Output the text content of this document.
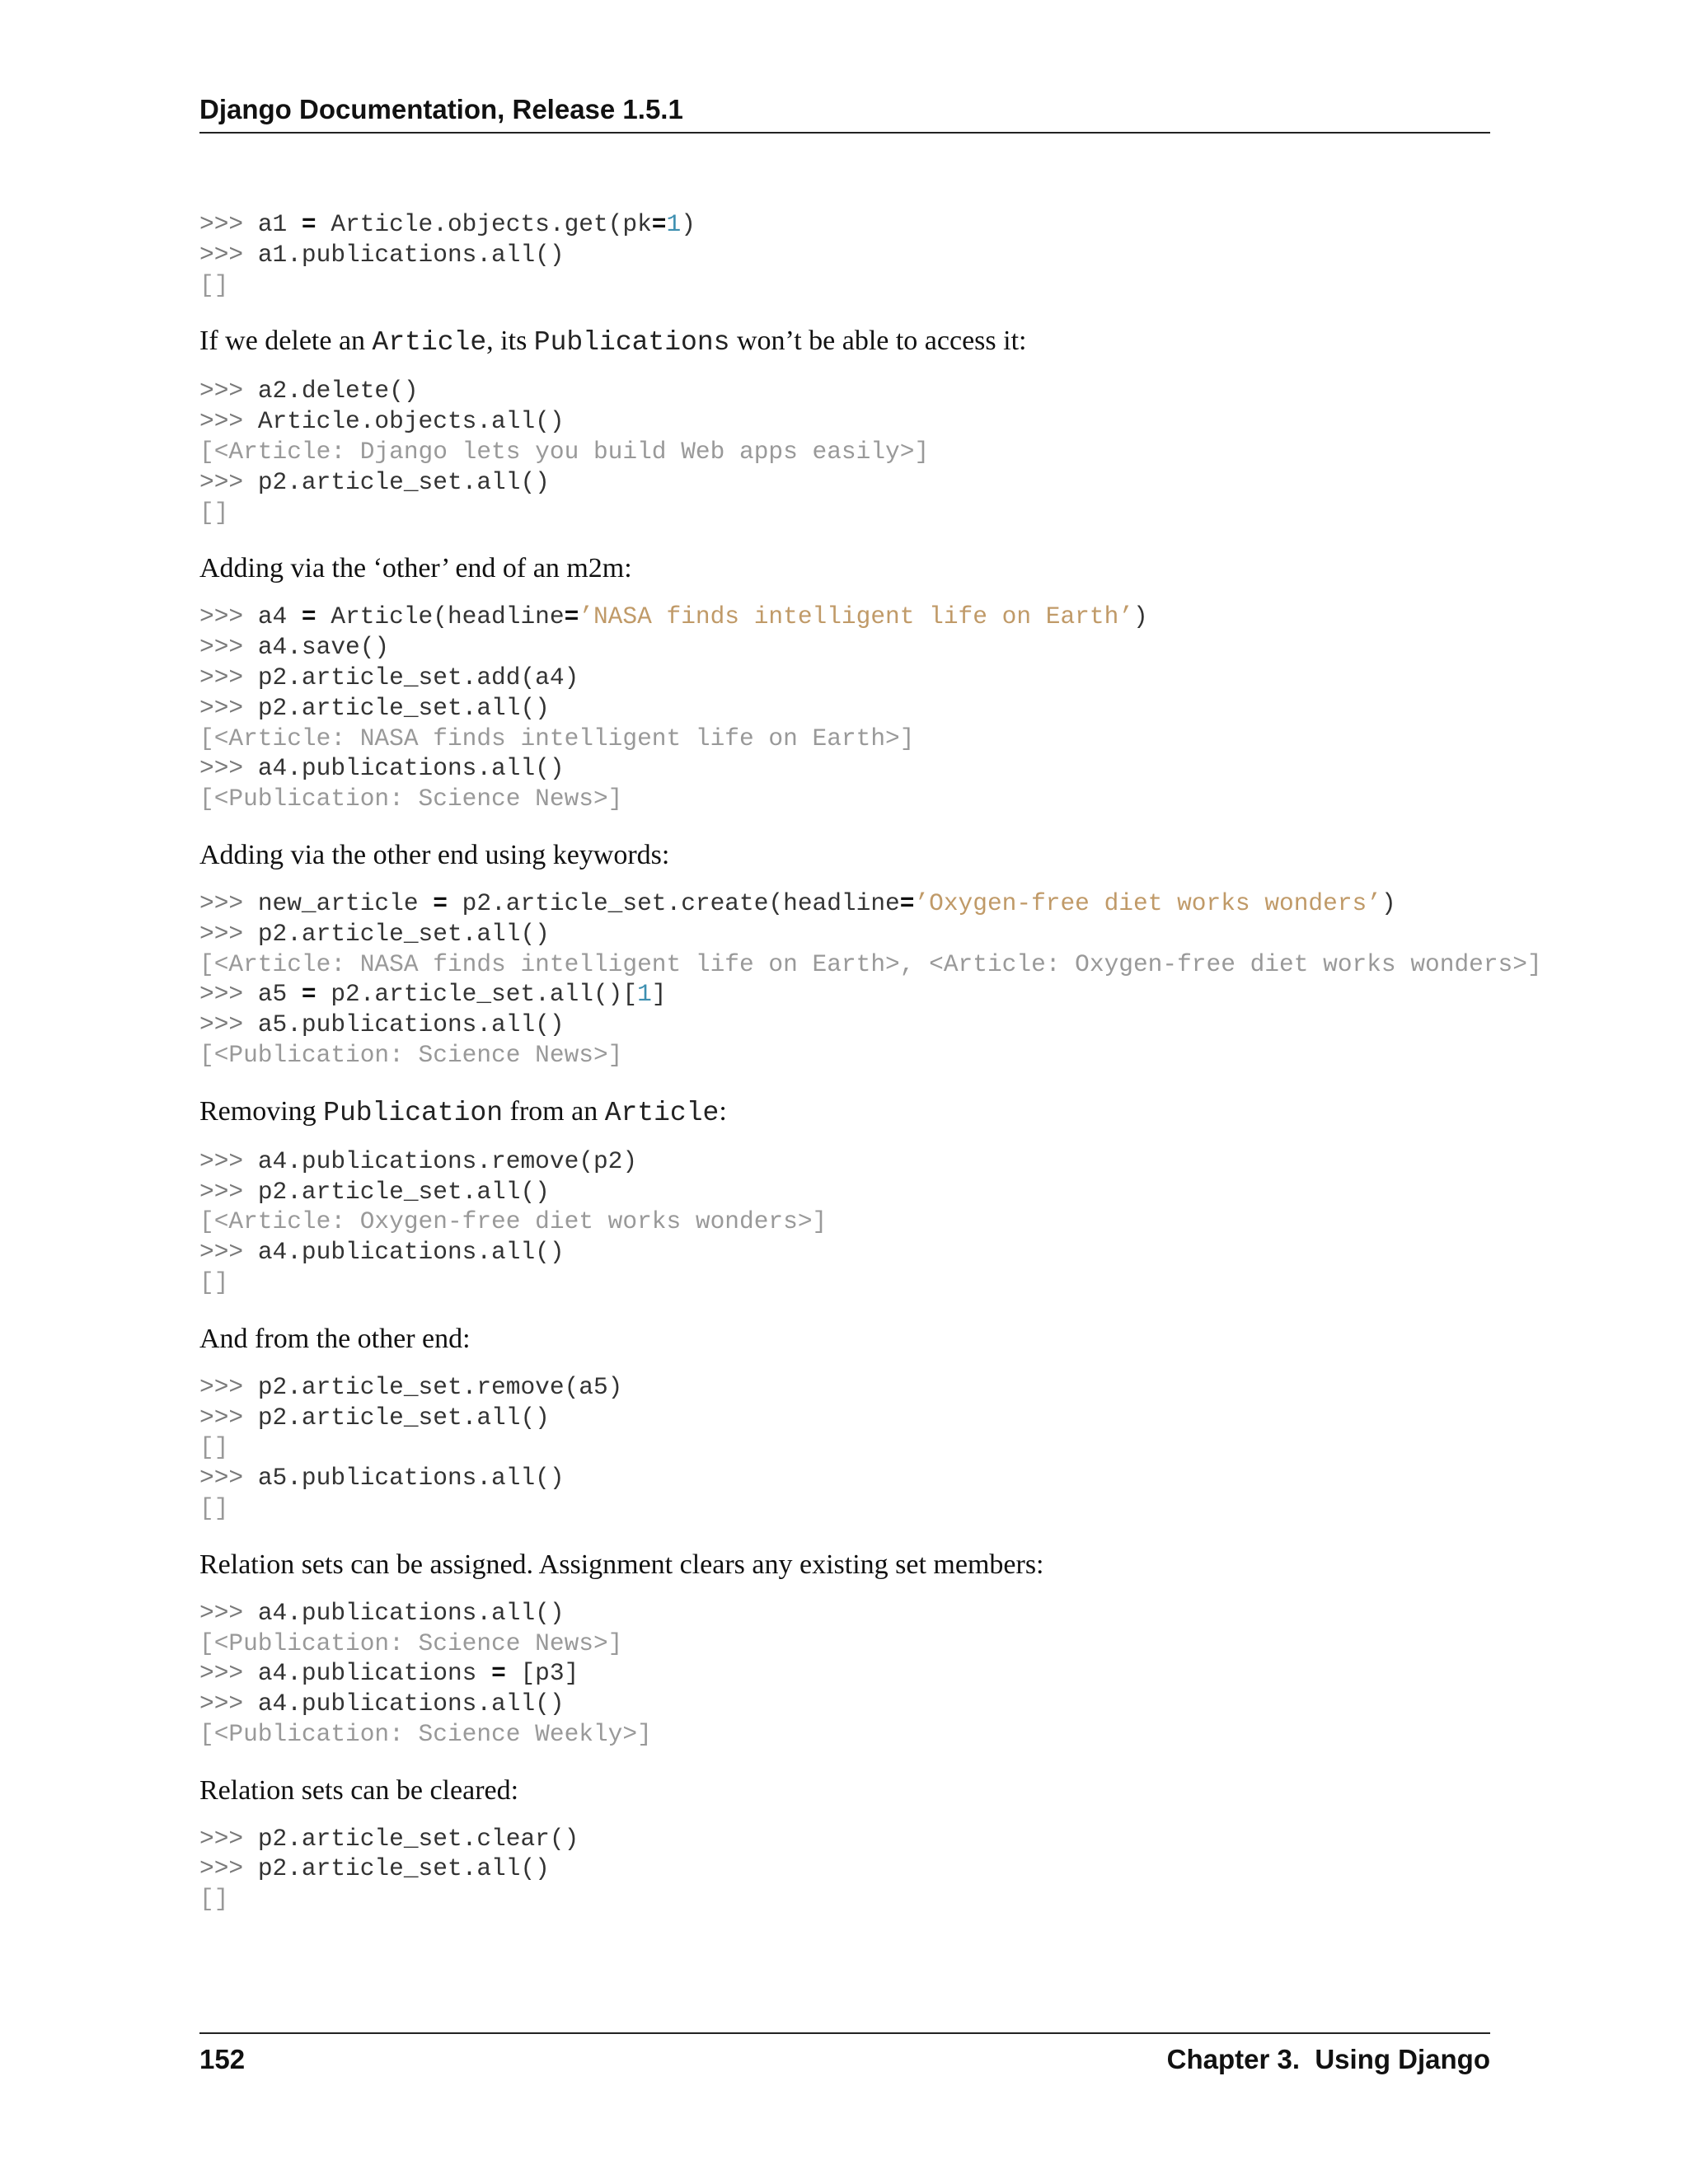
Django Documentation, Release 1.5.1
>>> a1 = Article.objects.get(pk=1)
>>> a1.publications.all()
[]

If we delete an Article, its Publications won’t be able to access it:

>>> a2.delete()
>>> Article.objects.all()
[<Article: Django lets you build Web apps easily>]
>>> p2.article_set.all()
[]

Adding via the ‘other’ end of an m2m:

>>> a4 = Article(headline=’NASA finds intelligent life on Earth’)
>>> a4.save()
>>> p2.article_set.add(a4)
>>> p2.article_set.all()
[<Article: NASA finds intelligent life on Earth>]
>>> a4.publications.all()
[<Publication: Science News>]

Adding via the other end using keywords:

>>> new_article = p2.article_set.create(headline=’Oxygen-free diet works wonders’)
>>> p2.article_set.all()
[<Article: NASA finds intelligent life on Earth>, <Article: Oxygen-free diet works wonders>]
>>> a5 = p2.article_set.all()[1]
>>> a5.publications.all()
[<Publication: Science News>]

Removing Publication from an Article:

>>> a4.publications.remove(p2)
>>> p2.article_set.all()
[<Article: Oxygen-free diet works wonders>]
>>> a4.publications.all()
[]

And from the other end:

>>> p2.article_set.remove(a5)
>>> p2.article_set.all()
[]
>>> a5.publications.all()
[]

Relation sets can be assigned. Assignment clears any existing set members:

>>> a4.publications.all()
[<Publication: Science News>]
>>> a4.publications = [p3]
>>> a4.publications.all()
[<Publication: Science Weekly>]

Relation sets can be cleared:

>>> p2.article_set.clear()
>>> p2.article_set.all()
[]
152	Chapter 3.  Using Django
